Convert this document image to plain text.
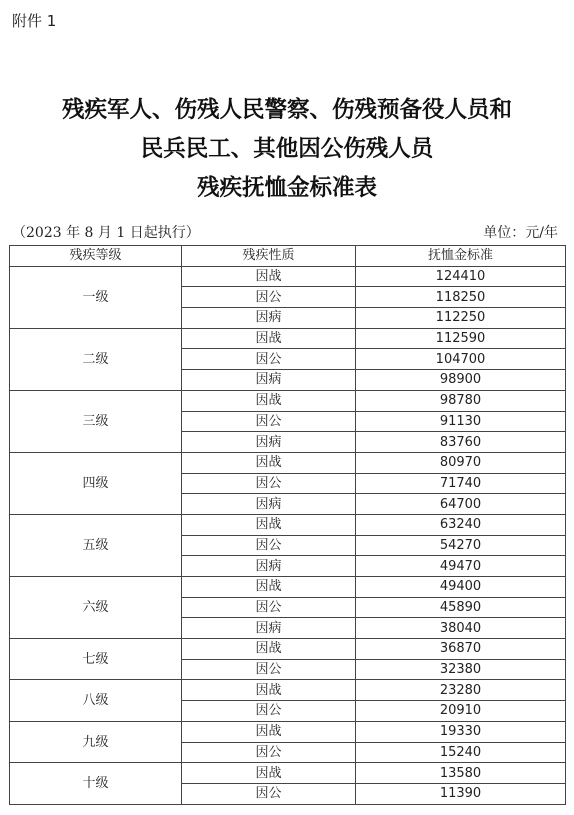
附件 1
残疾军人、伤残人民警察、伤残预备役人员和
民兵民工、其他因公伤残人员
残疾抚恤金标准表
（2023 年 8 月 1 日起执行）	单位：元/年
残疾等级	残疾性质	抚恤金标准
一级	因战	124410
	因公	118250
	因病	112250
二级	因战	112590
	因公	104700
	因病	98900
三级	因战	98780
	因公	91130
	因病	83760
四级	因战	80970
	因公	71740
	因病	64700
五级	因战	63240
	因公	54270
	因病	49470
六级	因战	49400
	因公	45890
	因病	38040
七级	因战	36870
	因公	32380
八级	因战	23280
	因公	20910
九级	因战	19330
	因公	15240
十级	因战	13580
	因公	11390
